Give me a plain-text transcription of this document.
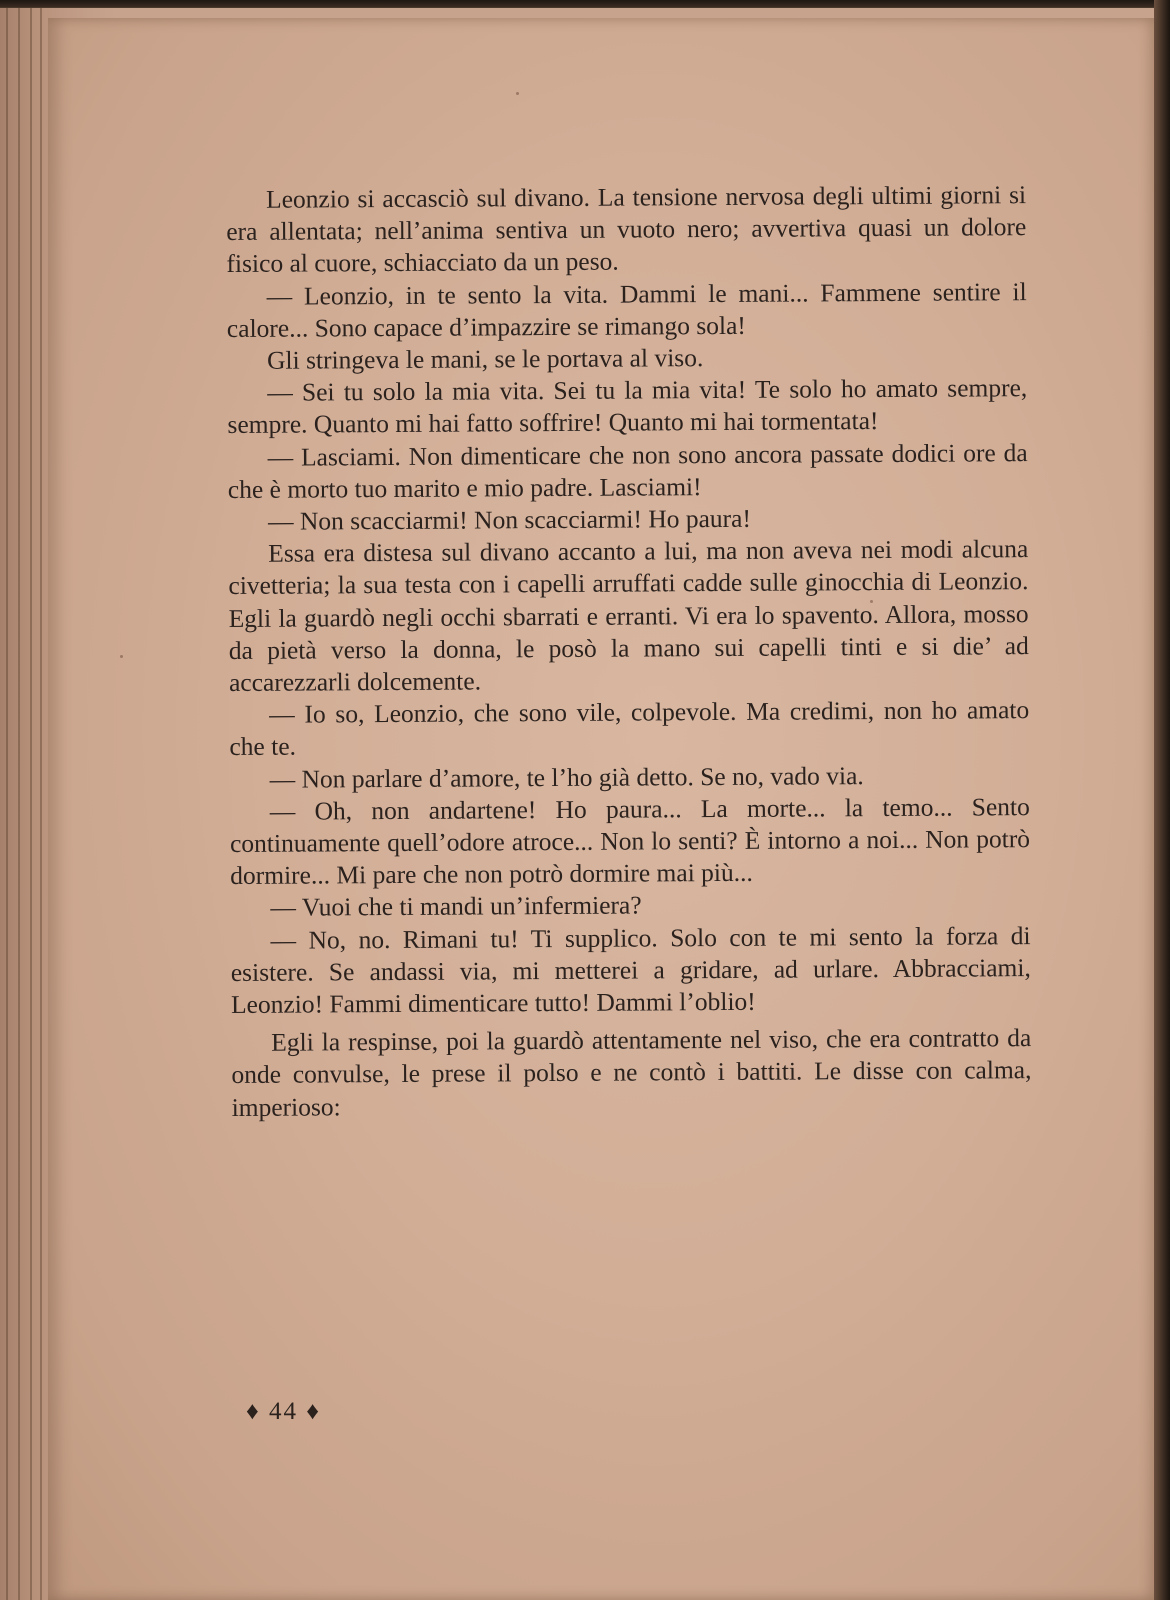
Leonzio si accasciò sul divano. La tensione nervosa degli ultimi giorni si era allentata; nell’anima sentiva un vuoto nero; avvertiva quasi un dolore fisico al cuore, schiacciato da un peso.

— Leonzio, in te sento la vita. Dammi le mani... Fammene sentire il calore... Sono capace d’impazzire se rimango sola!

Gli stringeva le mani, se le portava al viso.

— Sei tu solo la mia vita. Sei tu la mia vita! Te solo ho amato sempre, sempre. Quanto mi hai fatto soffrire! Quanto mi hai tormentata!

— Lasciami. Non dimenticare che non sono ancora passate dodici ore da che è morto tuo marito e mio padre. Lasciami!

— Non scacciarmi! Non scacciarmi! Ho paura!

Essa era distesa sul divano accanto a lui, ma non aveva nei modi alcuna civetteria; la sua testa con i capelli arruffati cadde sulle ginocchia di Leonzio. Egli la guardò negli occhi sbarrati e erranti. Vi era lo spavento. Allora, mosso da pietà verso la donna, le posò la mano sui capelli tinti e si die’ ad accarezzarli dolcemente.

— Io so, Leonzio, che sono vile, colpevole. Ma credimi, non ho amato che te.

— Non parlare d’amore, te l’ho già detto. Se no, vado via.

— Oh, non andartene! Ho paura... La morte... la temo... Sento continuamente quell’odore atroce... Non lo senti? È intorno a noi... Non potrò dormire... Mi pare che non potrò dormire mai più...

— Vuoi che ti mandi un’infermiera?

— No, no. Rimani tu! Ti supplico. Solo con te mi sento la forza di esistere. Se andassi via, mi metterei a gridare, ad urlare. Abbracciami, Leonzio! Fammi dimenticare tutto! Dammi l’oblio!

Egli la respinse, poi la guardò attentamente nel viso, che era contratto da onde convulse, le prese il polso e ne contò i battiti. Le disse con calma, imperioso:

♦ 44 ♦
